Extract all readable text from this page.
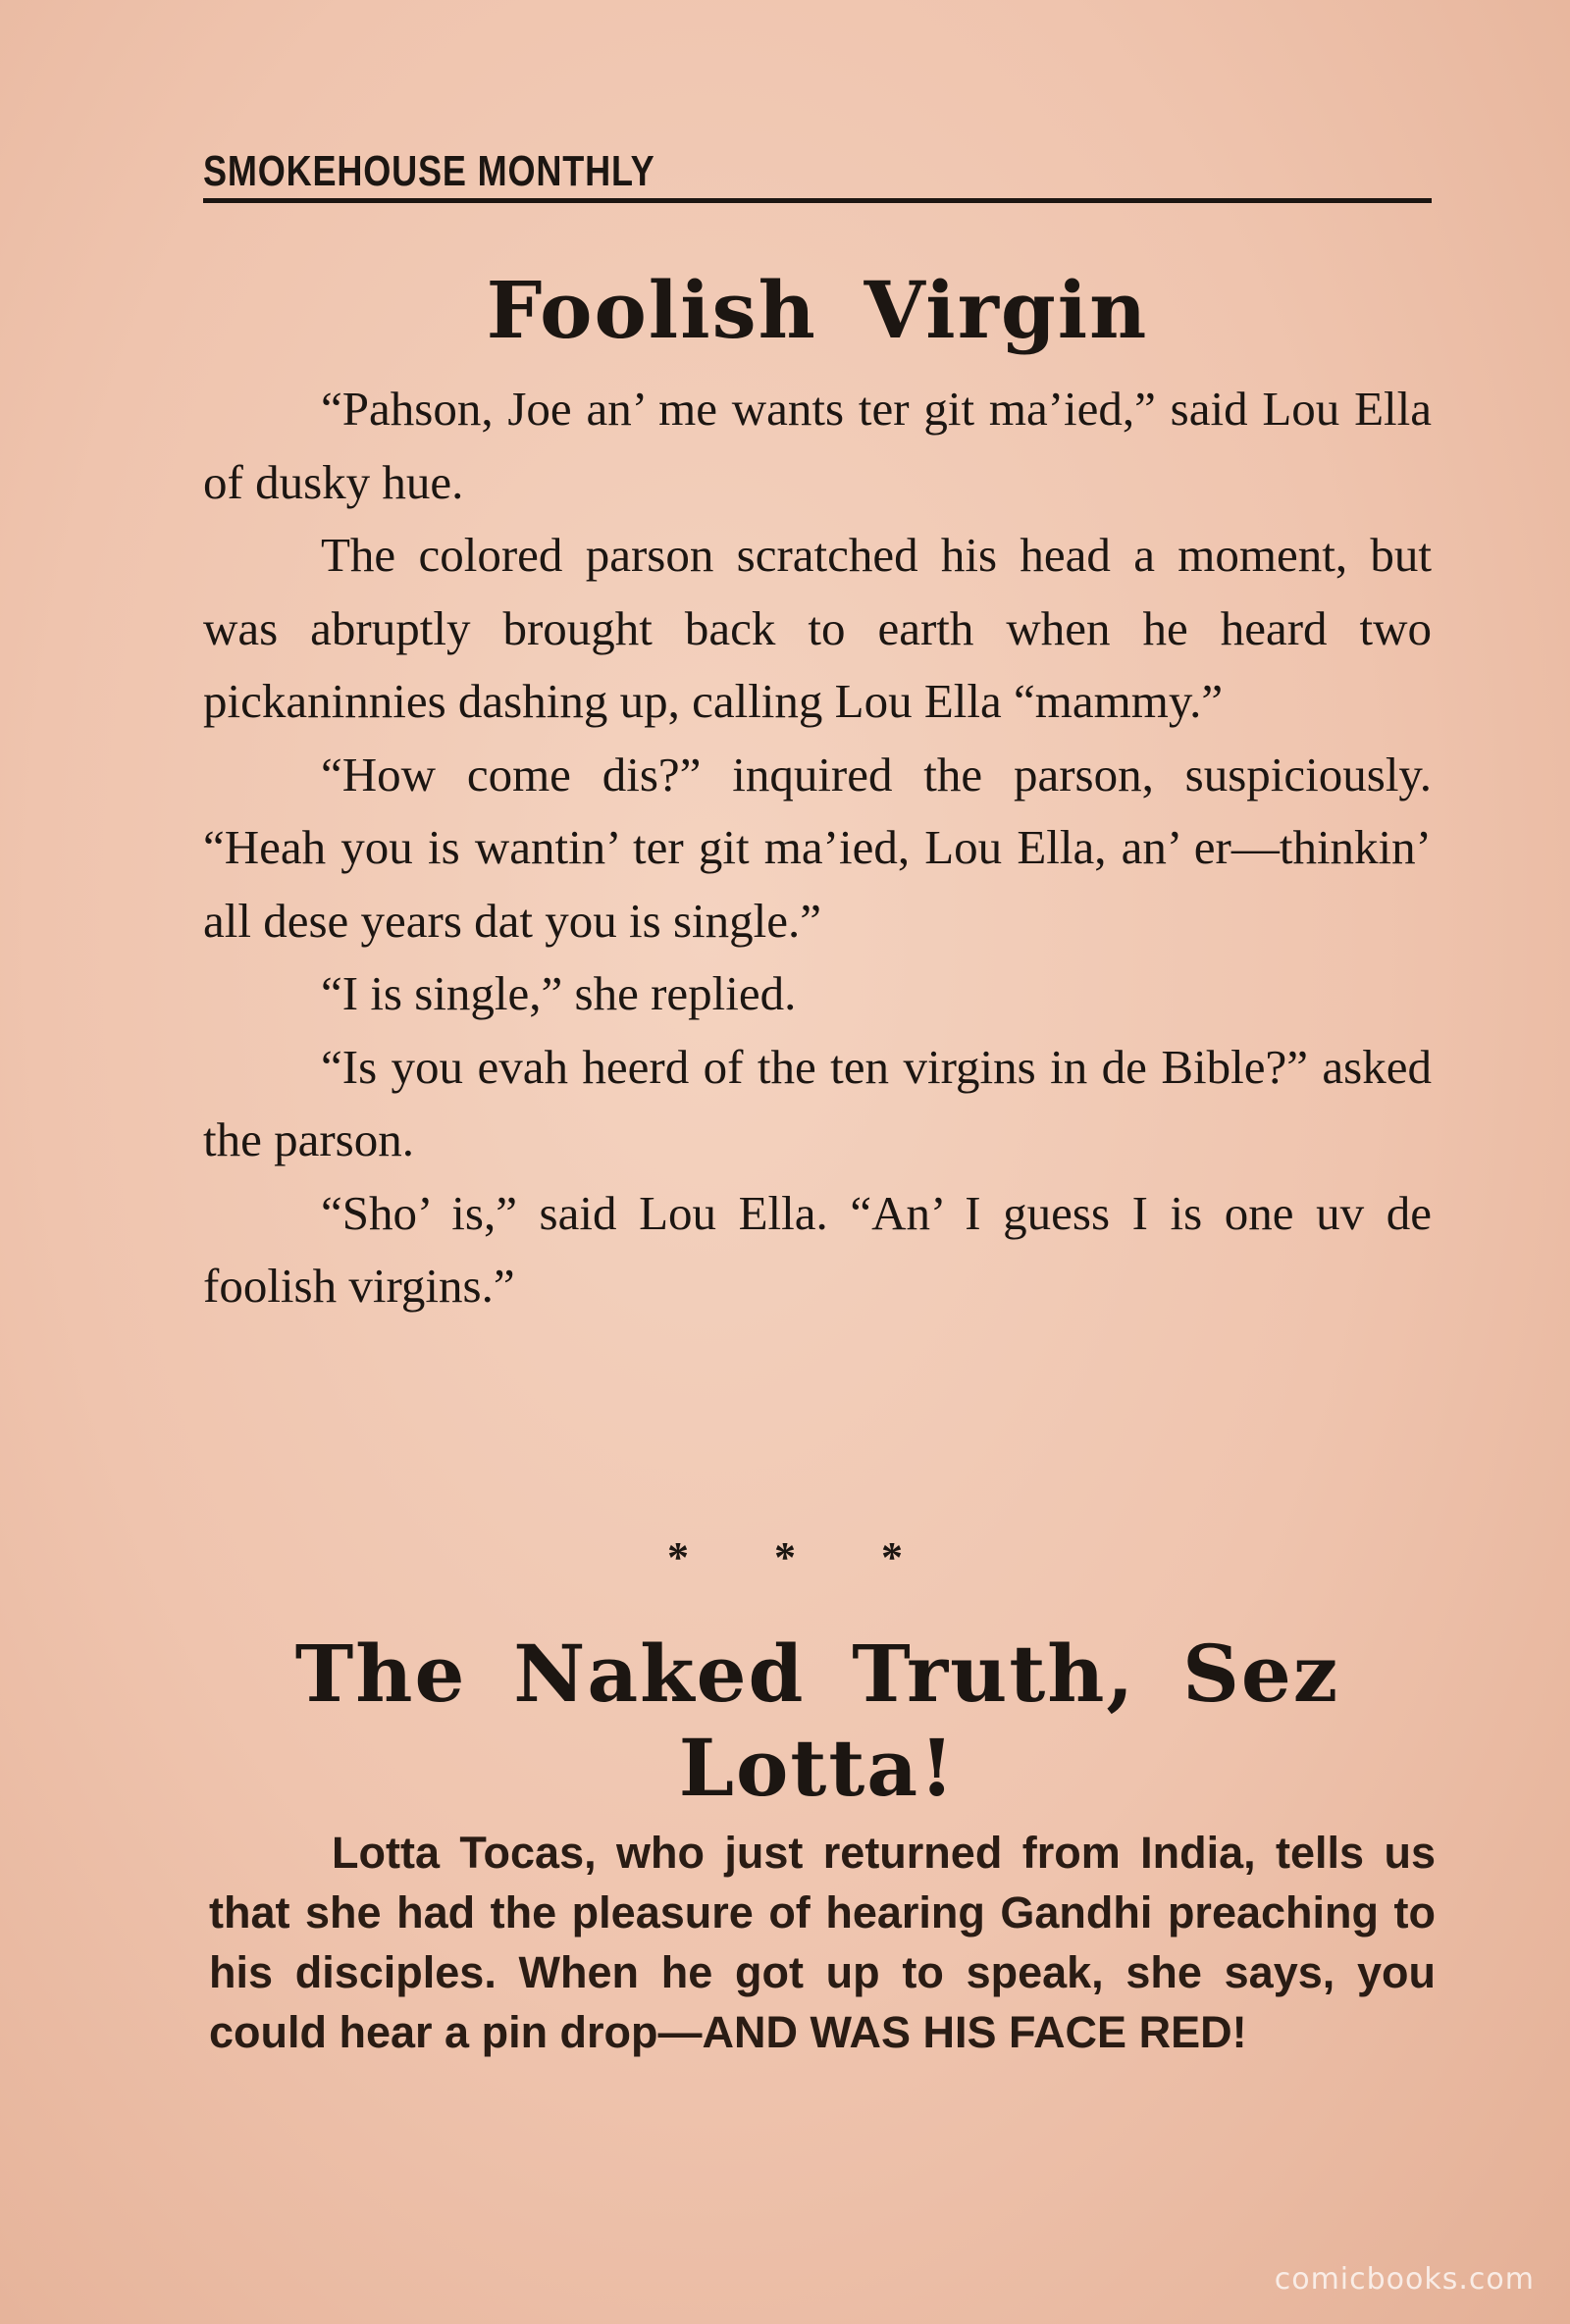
SMOKEHOUSE MONTHLY
Foolish Virgin

“Pahson, Joe an’ me wants ter git ma’ied,” said Lou Ella of dusky hue.

The colored parson scratched his head a moment, but was abruptly brought back to earth when he heard two pickaninnies dashing up, calling Lou Ella “mammy.”

“How come dis?” inquired the parson, suspiciously. “Heah you is wantin’ ter git ma’ied, Lou Ella, an’ er—thinkin’ all dese years dat you is single.”

“I is single,” she replied.

“Is you evah heerd of the ten virgins in de Bible?” asked the parson.

“Sho’ is,” said Lou Ella. “An’ I guess I is one uv de foolish virgins.”

* * *
The Naked Truth, Sez Lotta!

Lotta Tocas, who just returned from India, tells us that she had the pleasure of hearing Gandhi preaching to his disciples. When he got up to speak, she says, you could hear a pin drop—AND WAS HIS FACE RED!

comicbooks.com
